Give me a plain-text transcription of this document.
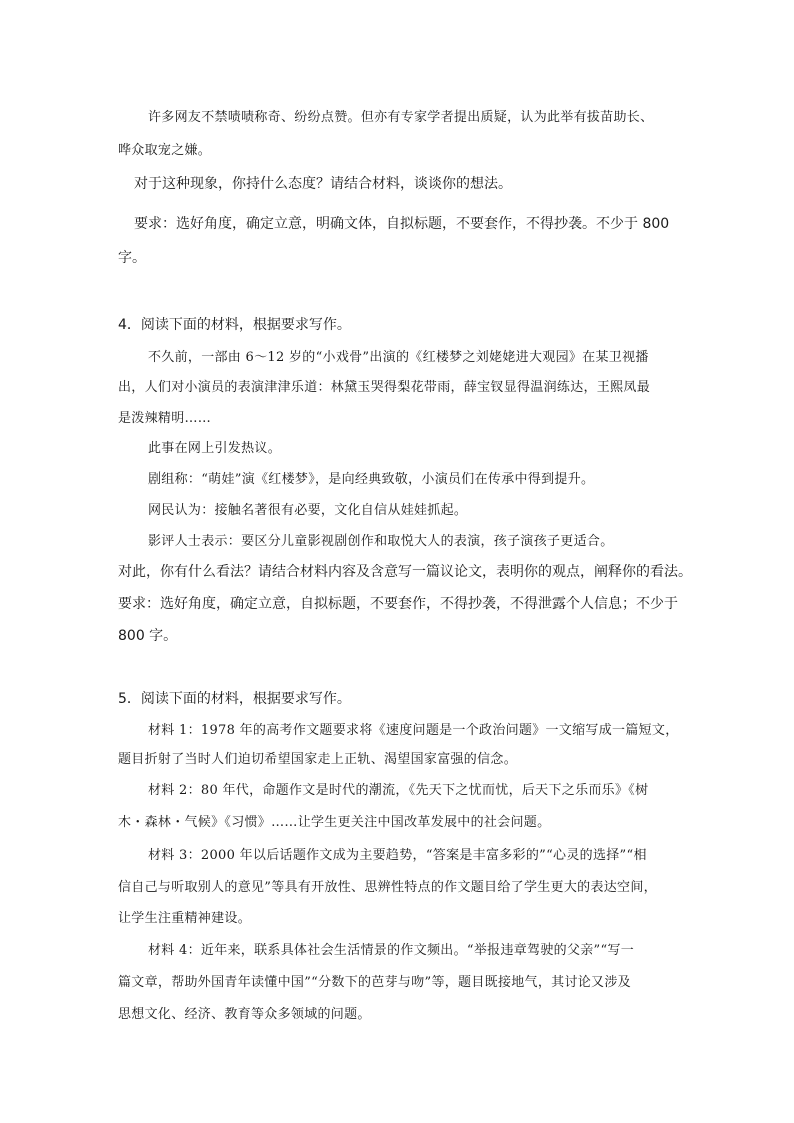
许多网友不禁啧啧称奇、纷纷点赞。但亦有专家学者提出质疑，认为此举有拔苗助长、
哗众取宠之嫌。
对于这种现象，你持什么态度？请结合材料，谈谈你的想法。
要求：选好角度，确定立意，明确文体，自拟标题，不要套作，不得抄袭。不少于 800
字。
4．阅读下面的材料，根据要求写作。
不久前，一部由 6～12 岁的“小戏骨”出演的《红楼梦之刘姥姥进大观园》在某卫视播
出，人们对小演员的表演津津乐道：林黛玉哭得梨花带雨，薛宝钗显得温润练达，王熙凤最
是泼辣精明……
此事在网上引发热议。
剧组称：“萌娃”演《红楼梦》，是向经典致敬，小演员们在传承中得到提升。
网民认为：接触名著很有必要，文化自信从娃娃抓起。
影评人士表示：要区分儿童影视剧创作和取悦大人的表演，孩子演孩子更适合。
对此，你有什么看法？请结合材料内容及含意写一篇议论文，表明你的观点，阐释你的看法。
要求：选好角度，确定立意，自拟标题，不要套作，不得抄袭，不得泄露个人信息；不少于
800 字。
5．阅读下面的材料，根据要求写作。
材料 1：1978 年的高考作文题要求将《速度问题是一个政治问题》一文缩写成一篇短文，
题目折射了当时人们迫切希望国家走上正轨、渴望国家富强的信念。
材料 2：80 年代，命题作文是时代的潮流，《先天下之忧而忧，后天下之乐而乐》《树
木・森林・气候》《习惯》……让学生更关注中国改革发展中的社会问题。
材料 3：2000 年以后话题作文成为主要趋势，“答案是丰富多彩的”“心灵的选择”“相
信自己与听取别人的意见”等具有开放性、思辨性特点的作文题目给了学生更大的表达空间，
让学生注重精神建设。
材料 4：近年来，联系具体社会生活情景的作文频出。“举报违章驾驶的父亲”“写一
篇文章，帮助外国青年读懂中国”“分数下的芭芽与吻”等，题目既接地气，其讨论又涉及
思想文化、经济、教育等众多领域的问题。
